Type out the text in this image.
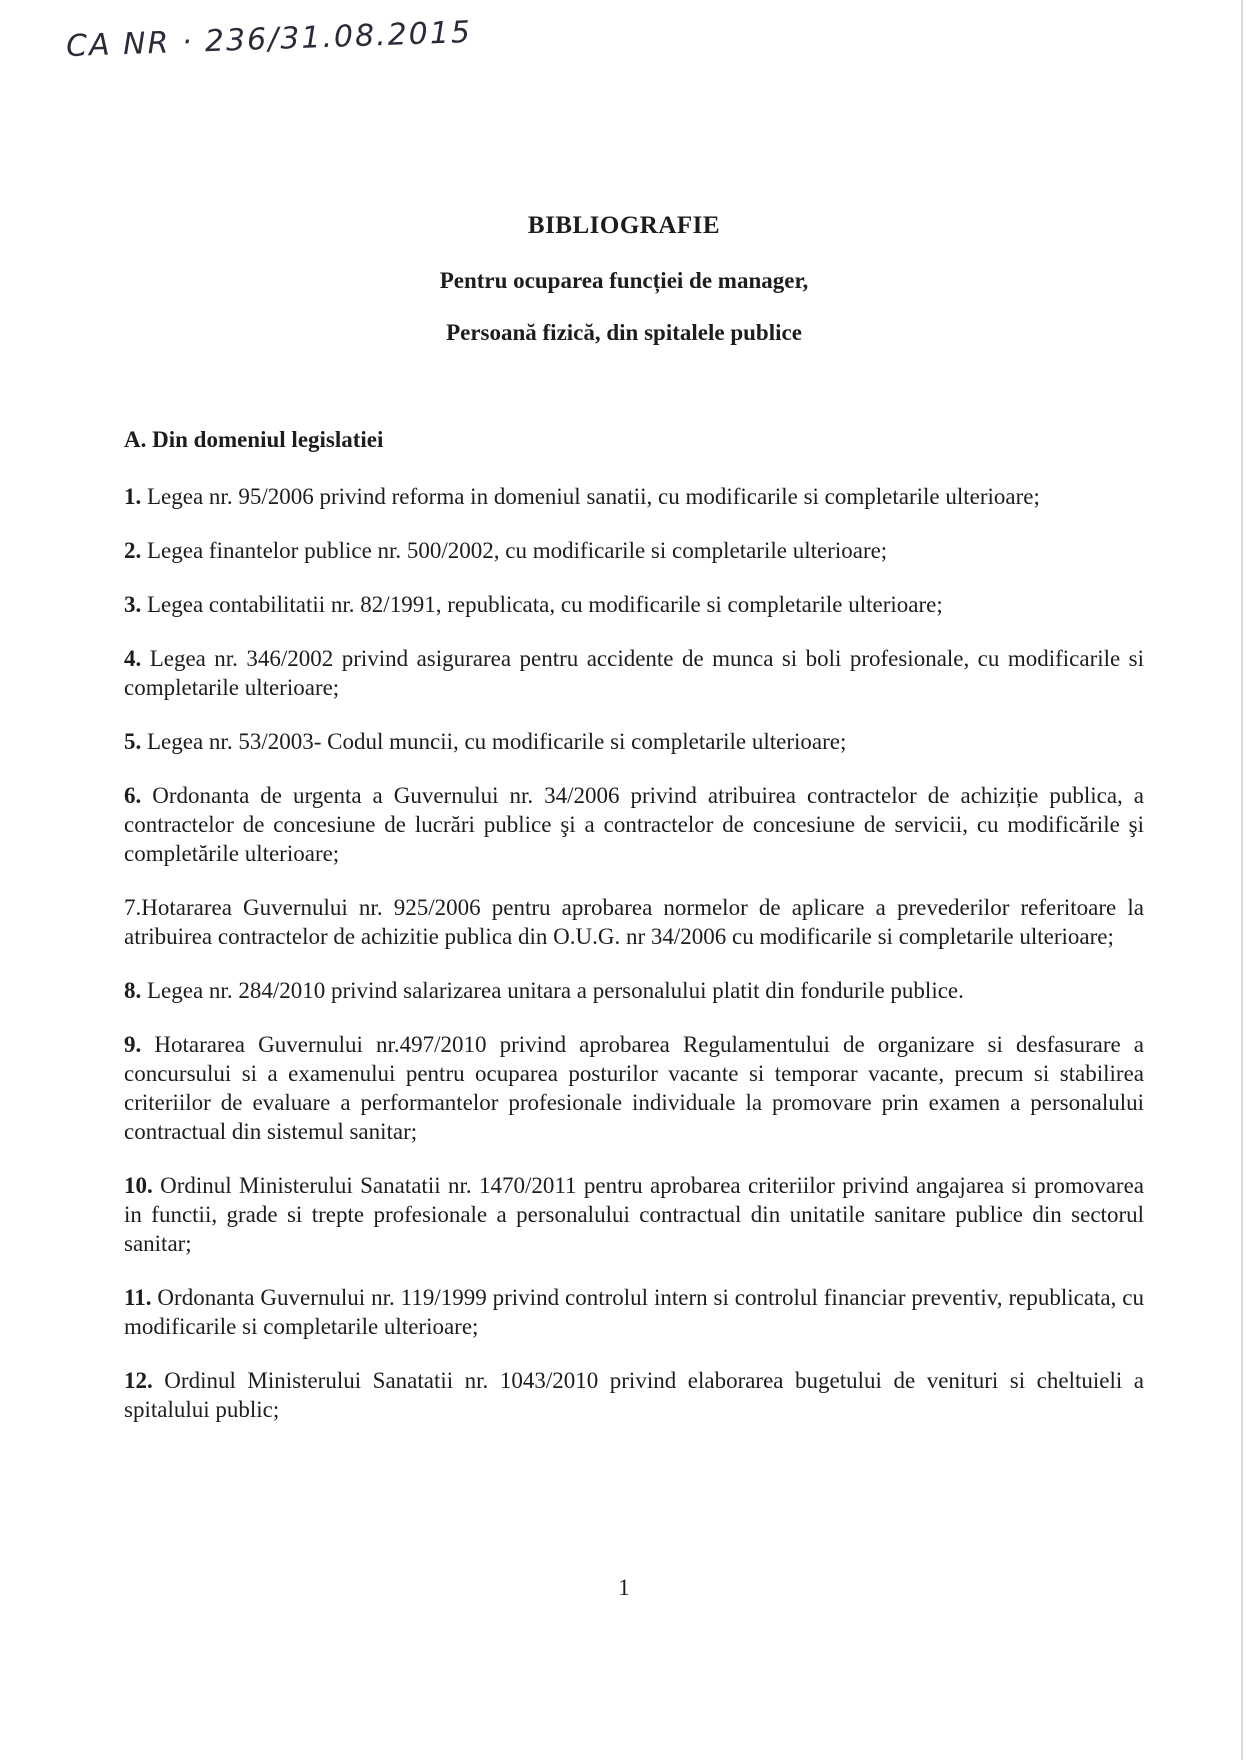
CA NR · 236/31.08.2015
BIBLIOGRAFIE
Pentru ocuparea funcției de manager,
Persoană fizică, din spitalele publice
A. Din domeniul legislatiei

1. Legea nr. 95/2006 privind reforma in domeniul sanatii, cu modificarile si completarile ulterioare;

2. Legea finantelor publice nr. 500/2002, cu modificarile si completarile ulterioare;

3. Legea contabilitatii nr. 82/1991, republicata, cu modificarile si completarile ulterioare;

4. Legea nr. 346/2002 privind asigurarea pentru accidente de munca si boli profesionale, cu modificarile si completarile ulterioare;

5. Legea nr. 53/2003- Codul muncii, cu modificarile si completarile ulterioare;

6. Ordonanta de urgenta a Guvernului nr. 34/2006 privind atribuirea contractelor de achiziție publica, a contractelor de concesiune de lucrări publice şi a contractelor de concesiune de servicii, cu modificările şi completările ulterioare;

7.Hotararea Guvernului nr. 925/2006 pentru aprobarea normelor de aplicare a prevederilor referitoare la atribuirea contractelor de achizitie publica din O.U.G. nr 34/2006 cu modificarile si completarile ulterioare;

8. Legea nr. 284/2010 privind salarizarea unitara a personalului platit din fondurile publice.

9. Hotararea Guvernului nr.497/2010 privind aprobarea Regulamentului de organizare si desfasurare a concursului si a examenului pentru ocuparea posturilor vacante si temporar vacante, precum si stabilirea criteriilor de evaluare a performantelor profesionale individuale la promovare prin examen a personalului contractual din sistemul sanitar;

10. Ordinul Ministerului Sanatatii nr. 1470/2011 pentru aprobarea criteriilor privind angajarea si promovarea in functii, grade si trepte profesionale a personalului contractual din unitatile sanitare publice din sectorul sanitar;

11. Ordonanta Guvernului nr. 119/1999 privind controlul intern si controlul financiar preventiv, republicata, cu modificarile si completarile ulterioare;

12. Ordinul Ministerului Sanatatii nr. 1043/2010 privind elaborarea bugetului de venituri si cheltuieli a spitalului public;

1
